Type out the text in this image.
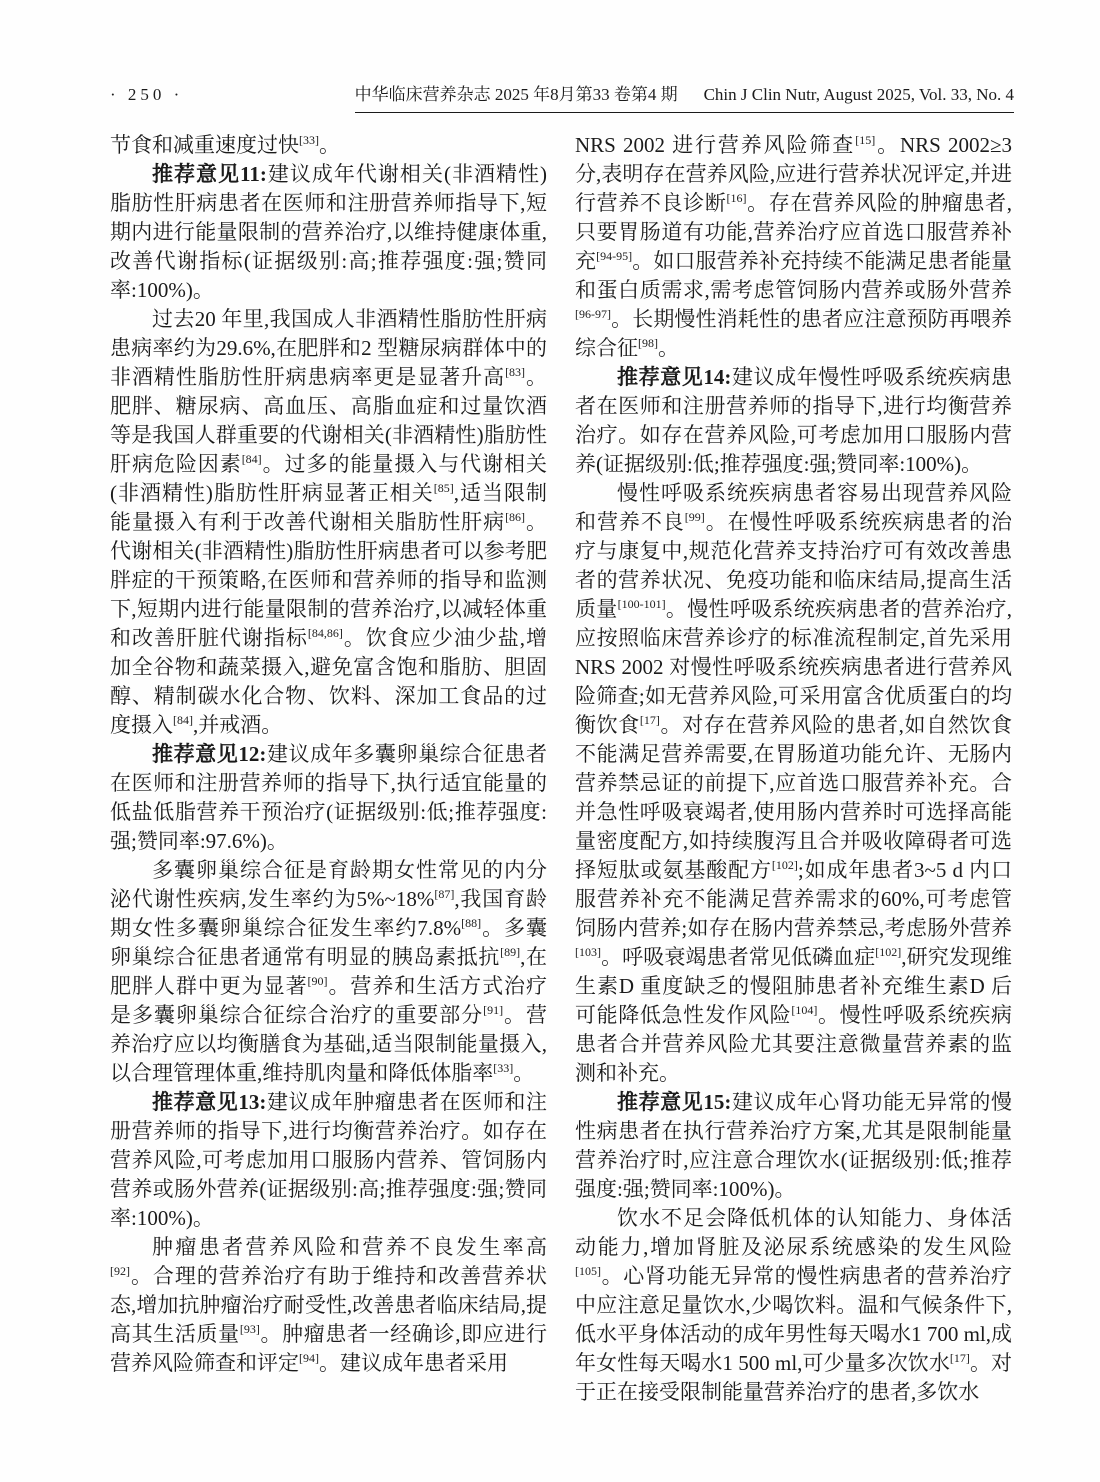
· 250 ·	中华临床营养杂志 2025 年8月第33 卷第4 期 Chin J Clin Nutr, August 2025, Vol. 33, No. 4

节食和减重速度过快[33]。

推荐意见11:建议成年代谢相关(非酒精性)脂肪性肝病患者在医师和注册营养师指导下,短期内进行能量限制的营养治疗,以维持健康体重,改善代谢指标(证据级别:高;推荐强度:强;赞同率:100%)。

过去20 年里,我国成人非酒精性脂肪性肝病患病率约为29.6%,在肥胖和2 型糖尿病群体中的非酒精性脂肪性肝病患病率更是显著升高[83]。肥胖、糖尿病、高血压、高脂血症和过量饮酒等是我国人群重要的代谢相关(非酒精性)脂肪性肝病危险因素[84]。过多的能量摄入与代谢相关(非酒精性)脂肪性肝病显著正相关[85],适当限制能量摄入有利于改善代谢相关脂肪性肝病[86]。代谢相关(非酒精性)脂肪性肝病患者可以参考肥胖症的干预策略,在医师和营养师的指导和监测下,短期内进行能量限制的营养治疗,以减轻体重和改善肝脏代谢指标[84,86]。饮食应少油少盐,增加全谷物和蔬菜摄入,避免富含饱和脂肪、胆固醇、精制碳水化合物、饮料、深加工食品的过度摄入[84],并戒酒。

推荐意见12:建议成年多囊卵巢综合征患者在医师和注册营养师的指导下,执行适宜能量的低盐低脂营养干预治疗(证据级别:低;推荐强度:强;赞同率:97.6%)。

多囊卵巢综合征是育龄期女性常见的内分泌代谢性疾病,发生率约为5%~18%[87],我国育龄期女性多囊卵巢综合征发生率约7.8%[88]。多囊卵巢综合征患者通常有明显的胰岛素抵抗[89],在肥胖人群中更为显著[90]。营养和生活方式治疗是多囊卵巢综合征综合治疗的重要部分[91]。营养治疗应以均衡膳食为基础,适当限制能量摄入,以合理管理体重,维持肌肉量和降低体脂率[33]。

推荐意见13:建议成年肿瘤患者在医师和注册营养师的指导下,进行均衡营养治疗。如存在营养风险,可考虑加用口服肠内营养、管饲肠内营养或肠外营养(证据级别:高;推荐强度:强;赞同率:100%)。

肿瘤患者营养风险和营养不良发生率高[92]。合理的营养治疗有助于维持和改善营养状态,增加抗肿瘤治疗耐受性,改善患者临床结局,提高其生活质量[93]。肿瘤患者一经确诊,即应进行营养风险筛查和评定[94]。建议成年患者采用

NRS 2002 进行营养风险筛查[15]。NRS 2002≥3 分,表明存在营养风险,应进行营养状况评定,并进行营养不良诊断[16]。存在营养风险的肿瘤患者,只要胃肠道有功能,营养治疗应首选口服营养补充[94-95]。如口服营养补充持续不能满足患者能量和蛋白质需求,需考虑管饲肠内营养或肠外营养[96-97]。长期慢性消耗性的患者应注意预防再喂养综合征[98]。

推荐意见14:建议成年慢性呼吸系统疾病患者在医师和注册营养师的指导下,进行均衡营养治疗。如存在营养风险,可考虑加用口服肠内营养(证据级别:低;推荐强度:强;赞同率:100%)。

慢性呼吸系统疾病患者容易出现营养风险和营养不良[99]。在慢性呼吸系统疾病患者的治疗与康复中,规范化营养支持治疗可有效改善患者的营养状况、免疫功能和临床结局,提高生活质量[100-101]。慢性呼吸系统疾病患者的营养治疗,应按照临床营养诊疗的标准流程制定,首先采用NRS 2002 对慢性呼吸系统疾病患者进行营养风险筛查;如无营养风险,可采用富含优质蛋白的均衡饮食[17]。对存在营养风险的患者,如自然饮食不能满足营养需要,在胃肠道功能允许、无肠内营养禁忌证的前提下,应首选口服营养补充。合并急性呼吸衰竭者,使用肠内营养时可选择高能量密度配方,如持续腹泻且合并吸收障碍者可选择短肽或氨基酸配方[102];如成年患者3~5 d 内口服营养补充不能满足营养需求的60%,可考虑管饲肠内营养;如存在肠内营养禁忌,考虑肠外营养[103]。呼吸衰竭患者常见低磷血症[102],研究发现维生素D 重度缺乏的慢阻肺患者补充维生素D 后可能降低急性发作风险[104]。慢性呼吸系统疾病患者合并营养风险尤其要注意微量营养素的监测和补充。

推荐意见15:建议成年心肾功能无异常的慢性病患者在执行营养治疗方案,尤其是限制能量营养治疗时,应注意合理饮水(证据级别:低;推荐强度:强;赞同率:100%)。

饮水不足会降低机体的认知能力、身体活动能力,增加肾脏及泌尿系统感染的发生风险[105]。心肾功能无异常的慢性病患者的营养治疗中应注意足量饮水,少喝饮料。温和气候条件下,低水平身体活动的成年男性每天喝水1 700 ml,成年女性每天喝水1 500 ml,可少量多次饮水[17]。对于正在接受限制能量营养治疗的患者,多饮水
